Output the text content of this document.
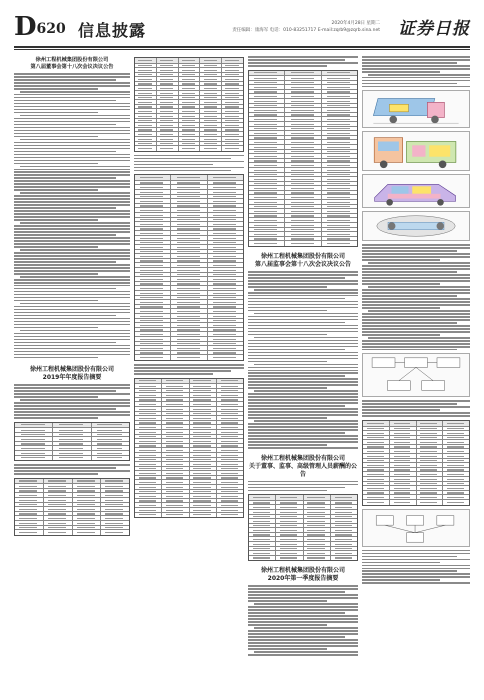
D620 信息披露	2020年4月28日 星期二
责任编辑：康海军 电话：010-83251717 E-mail:zqrb9@zqrb.sina.net 证券日报
徐州工程机械集团股份有限公司
第八届董事会第十八次会议决议公告
徐州工程机械集团股份有限公司
2019年年度报告摘要
徐州工程机械集团股份有限公司
第八届监事会第十八次会议决议公告
徐州工程机械集团股份有限公司
关于董事、监事、高级管理人员薪酬的公告
徐州工程机械集团股份有限公司
2020年第一季度报告摘要
